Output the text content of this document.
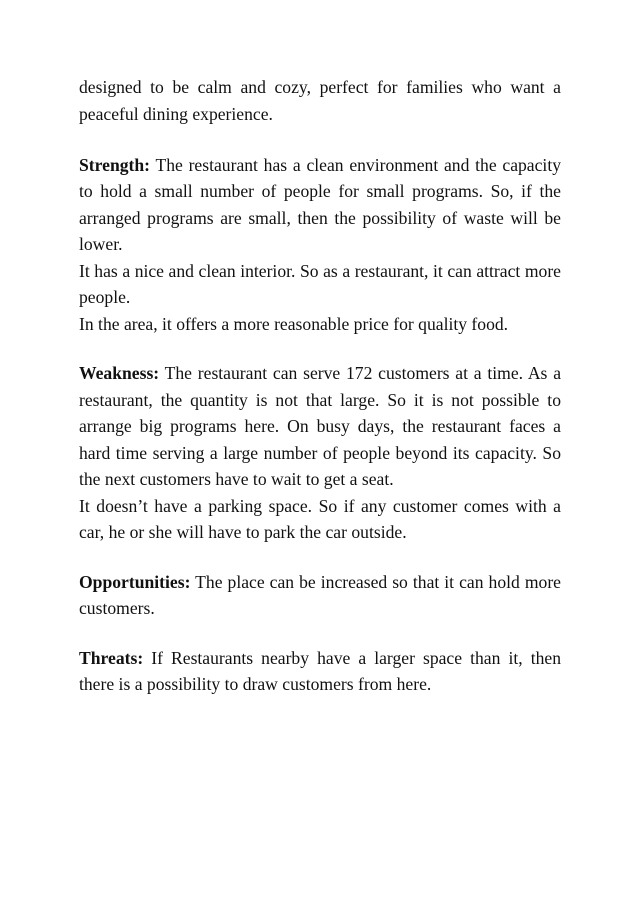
designed to be calm and cozy, perfect for families who want a peaceful dining experience.

Strength: The restaurant has a clean environment and the capacity to hold a small number of people for small programs. So, if the arranged programs are small, then the possibility of waste will be lower.

It has a nice and clean interior. So as a restaurant, it can attract more people.

In the area, it offers a more reasonable price for quality food.

Weakness: The restaurant can serve 172 customers at a time. As a restaurant, the quantity is not that large. So it is not possible to arrange big programs here. On busy days, the restaurant faces a hard time serving a large number of people beyond its capacity. So the next customers have to wait to get a seat.

It doesn’t have a parking space. So if any customer comes with a car, he or she will have to park the car outside.

Opportunities: The place can be increased so that it can hold more customers.

Threats: If Restaurants nearby have a larger space than it, then there is a possibility to draw customers from here.
